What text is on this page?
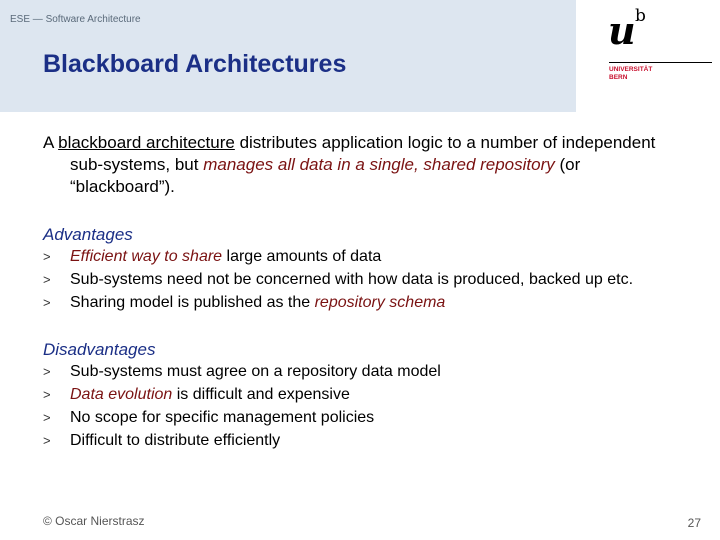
ESE — Software Architecture
Blackboard Architectures
u b
UNIVERSITÄT
BERN

A blackboard architecture distributes application logic to a number of independent sub-systems, but manages all data in a single, shared repository (or “blackboard”).

Advantages

> Efficient way to share large amounts of data
> Sub-systems need not be concerned with how data is produced, backed up etc.
> Sharing model is published as the repository schema

Disadvantages

> Sub-systems must agree on a repository data model
> Data evolution is difficult and expensive
> No scope for specific management policies
> Difficult to distribute efficiently
© Oscar Nierstrasz	27
